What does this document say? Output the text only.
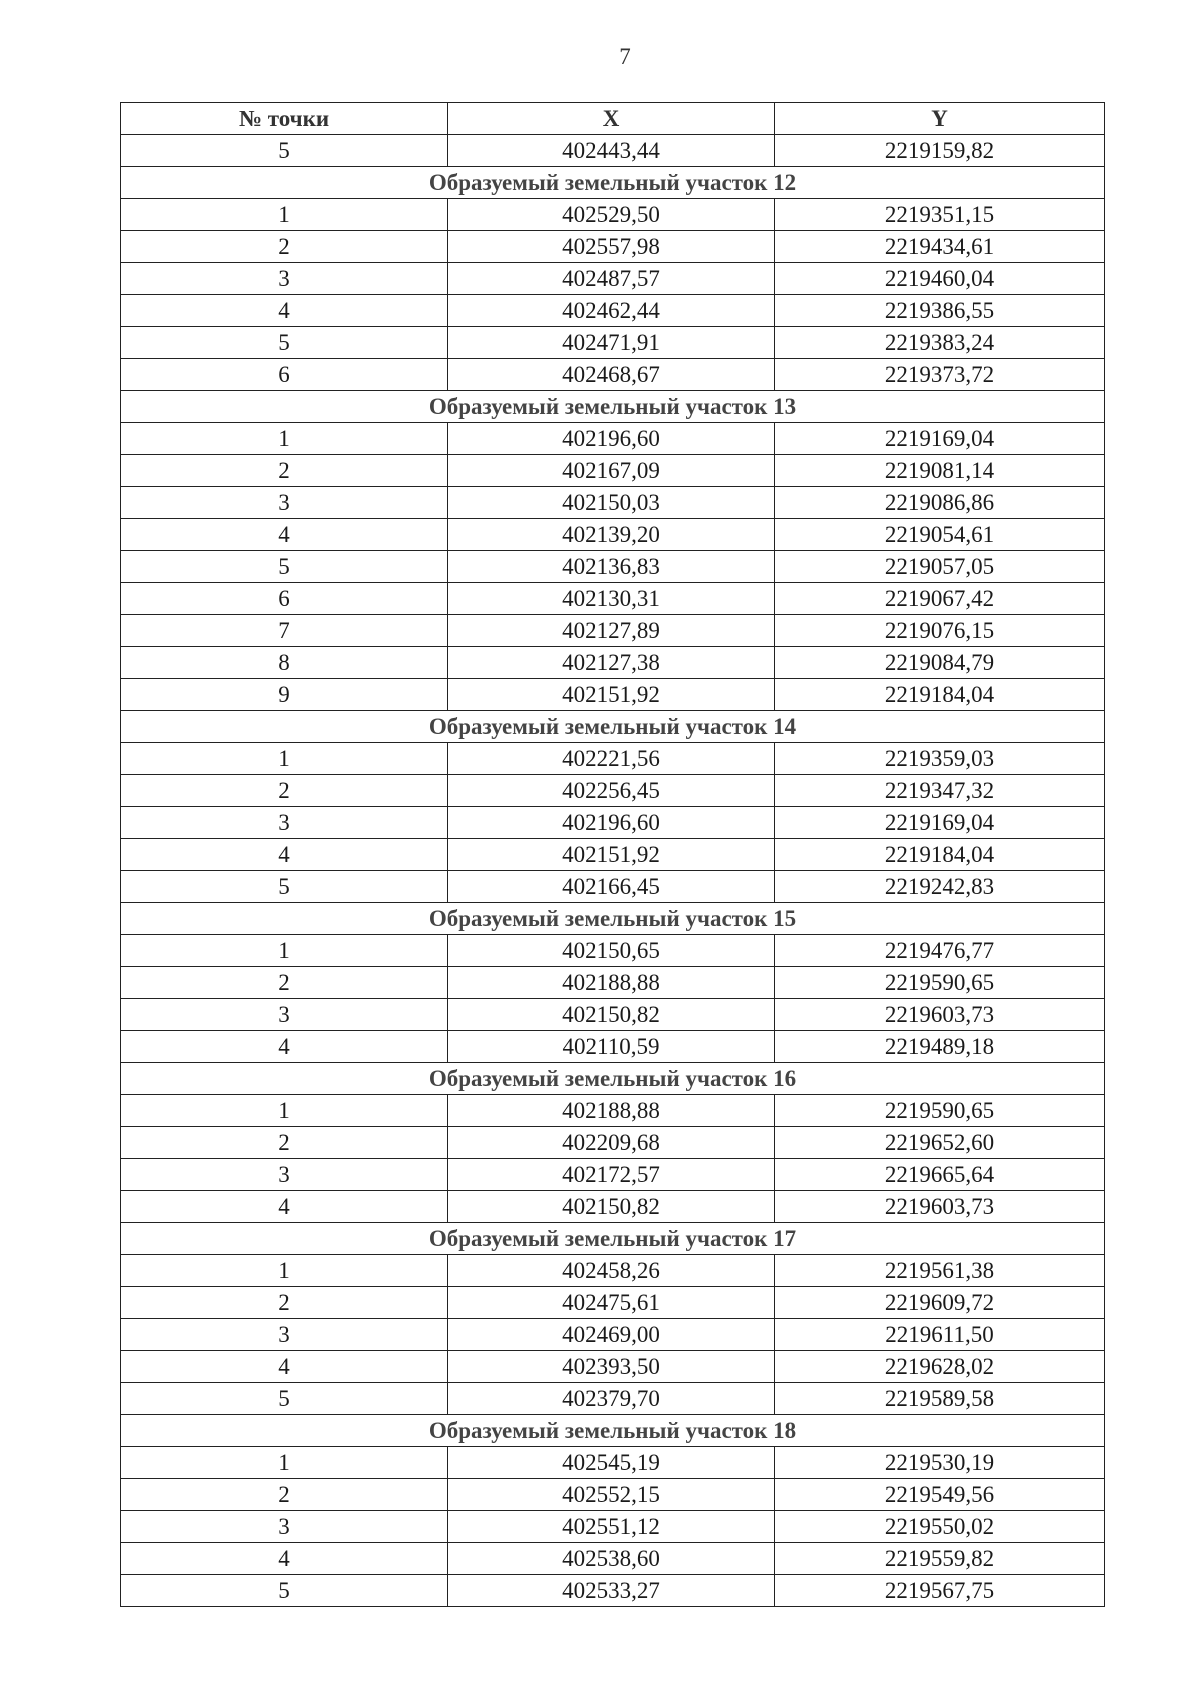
7
№ точки	X	Y
5	402443,44	2219159,82
Образуемый земельный участок 12		
1	402529,50	2219351,15
2	402557,98	2219434,61
3	402487,57	2219460,04
4	402462,44	2219386,55
5	402471,91	2219383,24
6	402468,67	2219373,72
Образуемый земельный участок 13		
1	402196,60	2219169,04
2	402167,09	2219081,14
3	402150,03	2219086,86
4	402139,20	2219054,61
5	402136,83	2219057,05
6	402130,31	2219067,42
7	402127,89	2219076,15
8	402127,38	2219084,79
9	402151,92	2219184,04
Образуемый земельный участок 14		
1	402221,56	2219359,03
2	402256,45	2219347,32
3	402196,60	2219169,04
4	402151,92	2219184,04
5	402166,45	2219242,83
Образуемый земельный участок 15		
1	402150,65	2219476,77
2	402188,88	2219590,65
3	402150,82	2219603,73
4	402110,59	2219489,18
Образуемый земельный участок 16		
1	402188,88	2219590,65
2	402209,68	2219652,60
3	402172,57	2219665,64
4	402150,82	2219603,73
Образуемый земельный участок 17		
1	402458,26	2219561,38
2	402475,61	2219609,72
3	402469,00	2219611,50
4	402393,50	2219628,02
5	402379,70	2219589,58
Образуемый земельный участок 18		
1	402545,19	2219530,19
2	402552,15	2219549,56
3	402551,12	2219550,02
4	402538,60	2219559,82
5	402533,27	2219567,75
